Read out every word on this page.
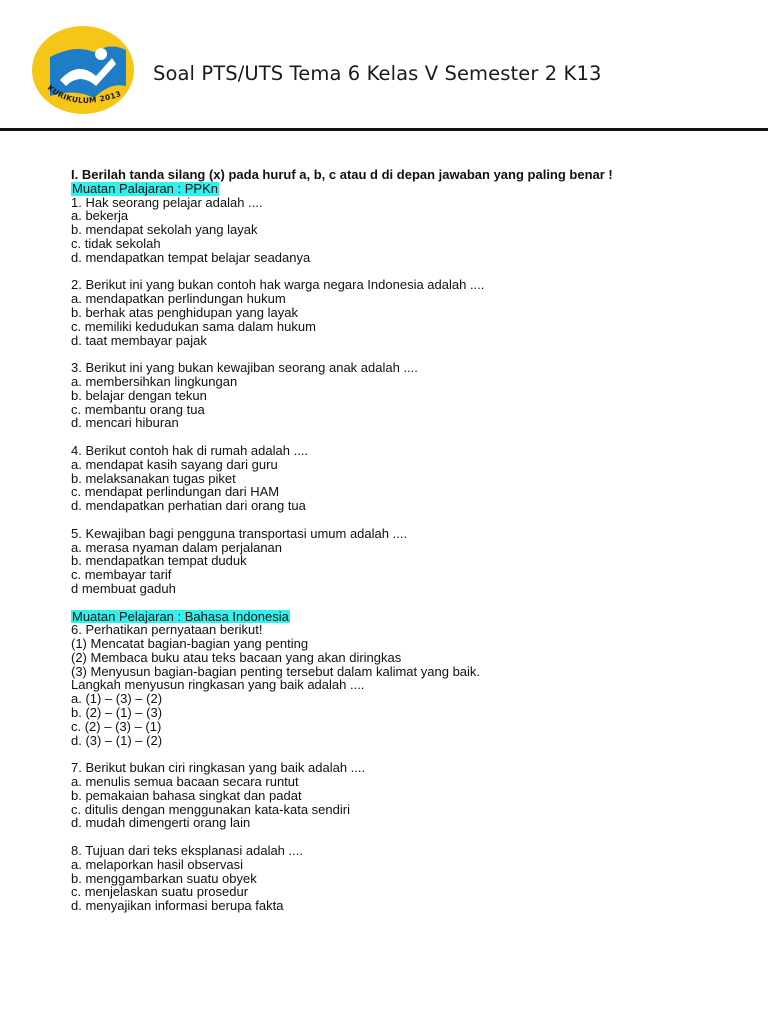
KURIKULUM 2013
Soal PTS/UTS Tema 6 Kelas V Semester 2 K13

I. Berilah tanda silang (x) pada huruf a, b, c atau d di depan jawaban yang paling benar !

Muatan Palajaran : PPKn

1. Hak seorang pelajar adalah ....

a. bekerja

b. mendapat sekolah yang layak

c. tidak sekolah

d. mendapatkan tempat belajar seadanya

2. Berikut ini yang bukan contoh hak warga negara Indonesia adalah ....

a. mendapatkan perlindungan hukum

b. berhak atas penghidupan yang layak

c. memiliki kedudukan sama dalam hukum

d. taat membayar pajak

3. Berikut ini yang bukan kewajiban seorang anak adalah ....

a. membersihkan lingkungan

b. belajar dengan tekun

c. membantu orang tua

d. mencari hiburan

4. Berikut contoh hak di rumah adalah ....

a. mendapat kasih sayang dari guru

b. melaksanakan tugas piket

c. mendapat perlindungan dari HAM

d. mendapatkan perhatian dari orang tua

5. Kewajiban bagi pengguna transportasi umum adalah ....

a. merasa nyaman dalam perjalanan

b. mendapatkan tempat duduk

c. membayar tarif

d membuat gaduh

Muatan Pelajaran : Bahasa Indonesia

6. Perhatikan pernyataan berikut!

(1) Mencatat bagian-bagian yang penting

(2) Membaca buku atau teks bacaan yang akan diringkas

(3) Menyusun bagian-bagian penting tersebut dalam kalimat yang baik.

Langkah menyusun ringkasan yang baik adalah ....

a. (1) – (3) – (2)

b. (2) – (1) – (3)

c. (2) – (3) – (1)

d. (3) – (1) – (2)

7. Berikut bukan ciri ringkasan yang baik adalah ....

a. menulis semua bacaan secara runtut

b. pemakaian bahasa singkat dan padat

c. ditulis dengan menggunakan kata-kata sendiri

d. mudah dimengerti orang lain

8. Tujuan dari teks eksplanasi adalah ....

a. melaporkan hasil observasi

b. menggambarkan suatu obyek

c. menjelaskan suatu prosedur

d. menyajikan informasi berupa fakta
